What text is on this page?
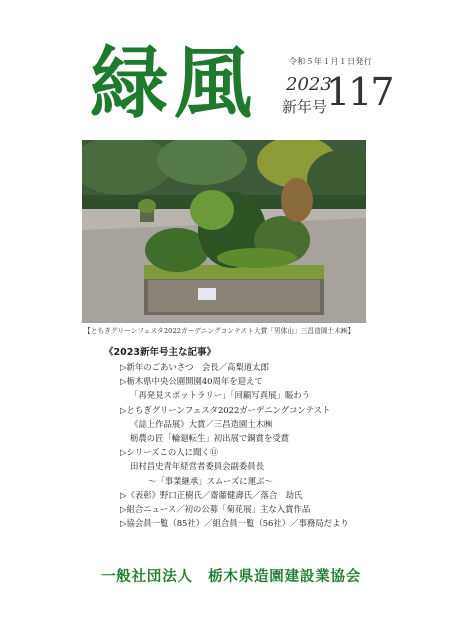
緑風	令和５年１月１日発行
2023
新年号
117
【とちぎグリーンフェスタ2022ガーデニングコンテスト大賞「男体山」三昌造園土木㈱】
《2023新年号主な記事》
▷新年のごあいさつ　会長／高梨道太郎
▷栃木県中央公園開園40周年を迎えて
「再発見スポットラリー」「回顧写真展」賑わう
▷とちぎグリーンフェスタ2022ガーデニングコンテスト
《誌上作品展》大賞／三昌造園土木㈱
栃農の匠「輪廻転生」初出展で銅賞を受賞
▷シリーズこの人に聞く⑪
田村昌史青年経営者委員会副委員長
～「事業継承」スムーズに運ぶ～
▷《表彰》野口正樹氏／齋藤健壽氏／落合　劫氏
▷組合ニュース／初の公募「菊花展」主な入賞作品
▷協会員一覧（85社）／組合員一覧（56社）／事務局だより
一般社団法人　栃木県造園建設業協会
